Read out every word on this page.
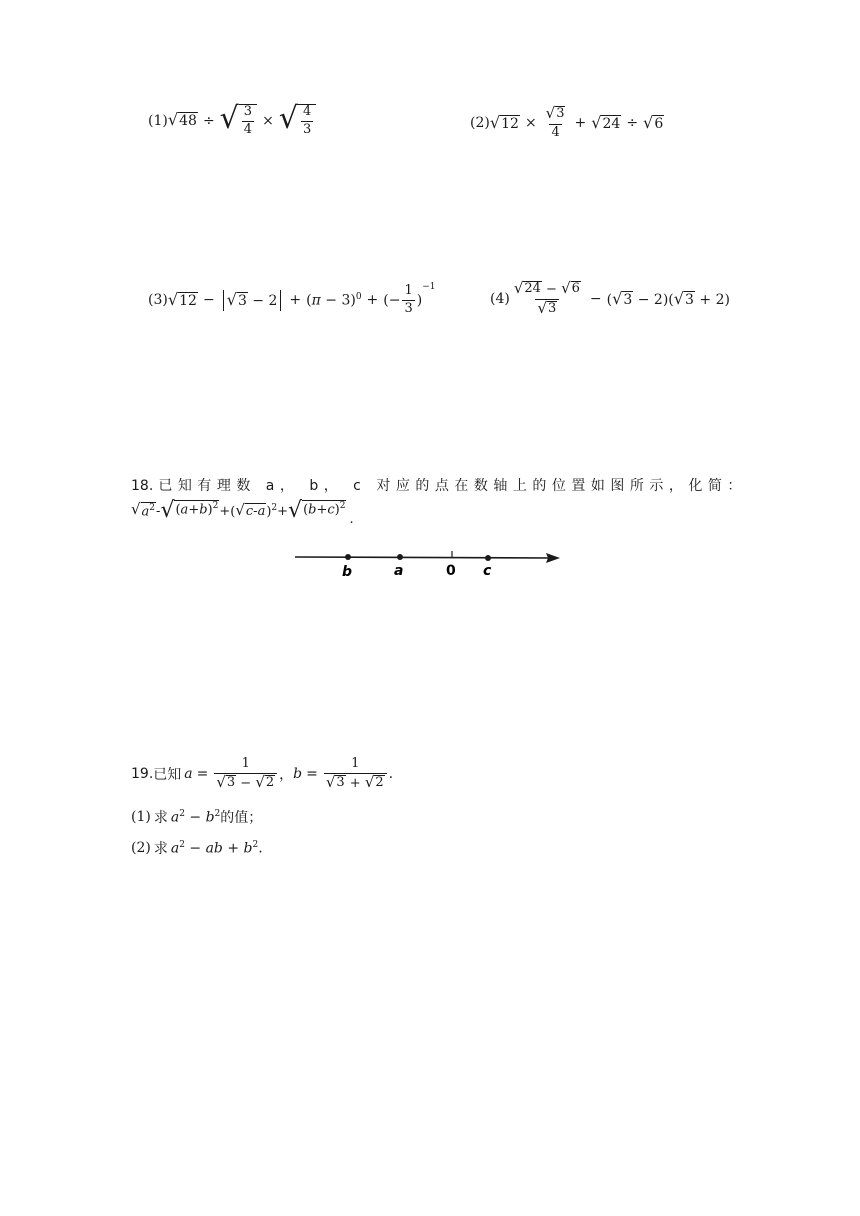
(1) √ 48 ÷ √ $\frac{3}{4}$ × √ $\frac{4}{3}$	(2) √ $12 \times \frac{√ 3}{4}$ + √ 24 ÷ √ 6
(3) √ 12 − √ $3 - 2 + (\pi - 3)^0$ + (− $\frac{1}{3} )^{-1}$
$(4) \frac{√ 24 - √ 6}{√ 3}$ − ( √ 3 − 2)( √ 3 + 2)
18. 已知有理数 a， b， c 对应的点在数轴上的位置如图所示，化简：
√ $a^2$ - √ $(a+b)^2$ + ( √ c-a )$^2$ + √ $(b+c)^2$
.
b	a	0 c
19. 已知 $a = \frac{1}{√ 3 - √ 2}$ ， $b = \frac{1}{√ 3 + √ 2}$ .
(1) 求 $a^2 - b^2$ 的值；
(2) 求 $a^2$ − ab + $b^2$.
